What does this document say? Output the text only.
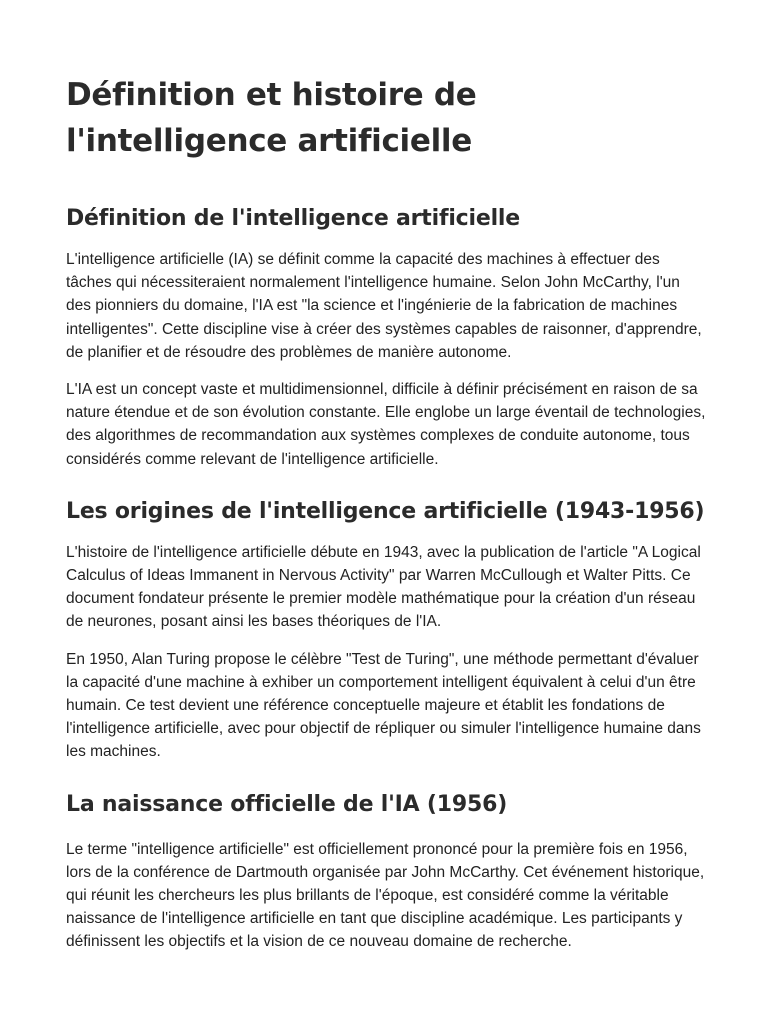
Définition et histoire de l'intelligence artificielle
Définition de l'intelligence artificielle

L'intelligence artificielle (IA) se définit comme la capacité des machines à effectuer des tâches qui nécessiteraient normalement l'intelligence humaine. Selon John McCarthy, l'un des pionniers du domaine, l'IA est "la science et l'ingénierie de la fabrication de machines intelligentes". Cette discipline vise à créer des systèmes capables de raisonner, d'apprendre, de planifier et de résoudre des problèmes de manière autonome.

L'IA est un concept vaste et multidimensionnel, difficile à définir précisément en raison de sa nature étendue et de son évolution constante. Elle englobe un large éventail de technologies, des algorithmes de recommandation aux systèmes complexes de conduite autonome, tous considérés comme relevant de l'intelligence artificielle.

Les origines de l'intelligence artificielle (1943-1956)

L'histoire de l'intelligence artificielle débute en 1943, avec la publication de l'article "A Logical Calculus of Ideas Immanent in Nervous Activity" par Warren McCullough et Walter Pitts. Ce document fondateur présente le premier modèle mathématique pour la création d'un réseau de neurones, posant ainsi les bases théoriques de l'IA.

En 1950, Alan Turing propose le célèbre "Test de Turing", une méthode permettant d'évaluer la capacité d'une machine à exhiber un comportement intelligent équivalent à celui d'un être humain. Ce test devient une référence conceptuelle majeure et établit les fondations de l'intelligence artificielle, avec pour objectif de répliquer ou simuler l'intelligence humaine dans les machines.

La naissance officielle de l'IA (1956)

Le terme "intelligence artificielle" est officiellement prononcé pour la première fois en 1956, lors de la conférence de Dartmouth organisée par John McCarthy. Cet événement historique, qui réunit les chercheurs les plus brillants de l'époque, est considéré comme la véritable naissance de l'intelligence artificielle en tant que discipline académique. Les participants y définissent les objectifs et la vision de ce nouveau domaine de recherche.
